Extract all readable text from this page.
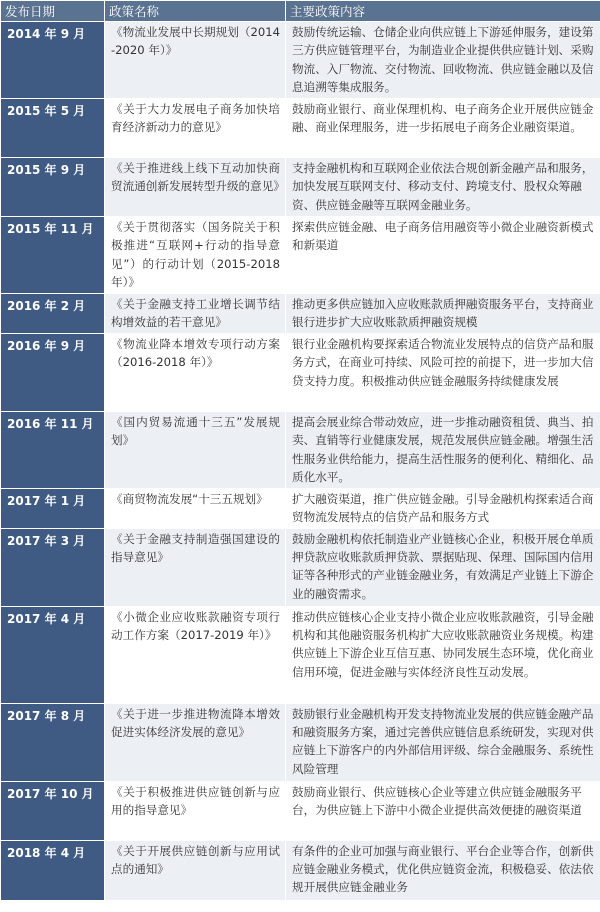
发布日期	政策名称	主要政策内容
2014 年 9 月	《物流业发展中长期规划（2014-2020 年）》	鼓励传统运输、仓储企业向供应链上下游延伸服务，建设第三方供应链管理平台，为制造业企业提供供应链计划、采购物流、入厂物流、交付物流、回收物流、供应链金融以及信息追溯等集成服务。
2015 年 5 月	《关于大力发展电子商务加快培育经济新动力的意见》	鼓励商业银行、商业保理机构、电子商务企业开展供应链金融、商业保理服务，进一步拓展电子商务企业融资渠道。
2015 年 9 月	《关于推进线上线下互动加快商贸流通创新发展转型升级的意见》	支持金融机构和互联网企业依法合规创新金融产品和服务，加快发展互联网支付、移动支付、跨境支付、股权众筹融资、供应链金融等互联网金融业务。
2015 年 11 月	《关于贯彻落实（国务院关于积极推进“互联网+行动的指导意见”）的行动计划（2015-2018 年）》	探索供应链金融、电子商务信用融资等小微企业融资新模式和新渠道
2016 年 2 月	《关于金融支持工业增长调节结构增效益的若干意见》	推动更多供应链加入应收账款质押融资服务平台，支持商业银行进步扩大应收账款质押融资规模
2016 年 9 月	《物流业降本增效专项行动方案（2016-2018 年）》	银行业金融机构要探索适合物流业发展特点的信贷产品和服务方式，在商业可持续、风险可控的前提下，进一步加大信贷支持力度。积极推动供应链金融服务持续健康发展
2016 年 11 月	《国内贸易流通十三五”发展规划》	提高会展业综合带动效应，进一步推动融资租赁、典当、拍卖、直销等行业健康发展，规范发展供应链金融。增强生活性服务业供给能力，提高生活性服务的便利化、精细化、品质化水平。
2017 年 1 月	《商贸物流发展“十三五规划》	扩大融资渠道，推广供应链金融。引导金融机构探索适合商贸物流发展特点的信贷产品和服务方式
2017 年 3 月	《关于金融支持制造强国建设的指导意见》	鼓励金融机构依托制造业产业链核心企业，积极开展仓单质押贷款应收账款质押贷款、票据贴现、保理、国际国内信用证等各种形式的产业链金融业务，有效满足产业链上下游企业的融资需求。
2017 年 4 月	《小微企业应收账款融资专项行动工作方案（2017-2019 年）》	推动供应链核心企业支持小微企业应收账款融资，引导金融机构和其他融资服务机构扩大应收账款融资业务规模。构建供应链上下游企业互信互惠、协同发展生态环境，优化商业信用环境，促进金融与实体经济良性互动发展。
2017 年 8 月	《关于进一步推进物流降本增效促进实体经济发展的意见》	鼓励银行业金融机构开发支持物流业发展的供应链金融产品和融资服务方案，通过完善供应链信息系统研发，实现对供应链上下游客户的内外部信用评级、综合金融服务、系统性风险管理
2017 年 10 月	《关于积极推进供应链创新与应用的指导意见》	鼓励商业银行、供应链核心企业等建立供应链金融服务平台，为供应链上下游中小微企业提供高效便捷的融资渠道
2018 年 4 月	《关于开展供应链创新与应用试点的通知》	有条件的企业可加强与商业银行、平台企业等合作，创新供应链金融业务模式，优化供应链资金流，积极稳妥、依法依规开展供应链金融业务
